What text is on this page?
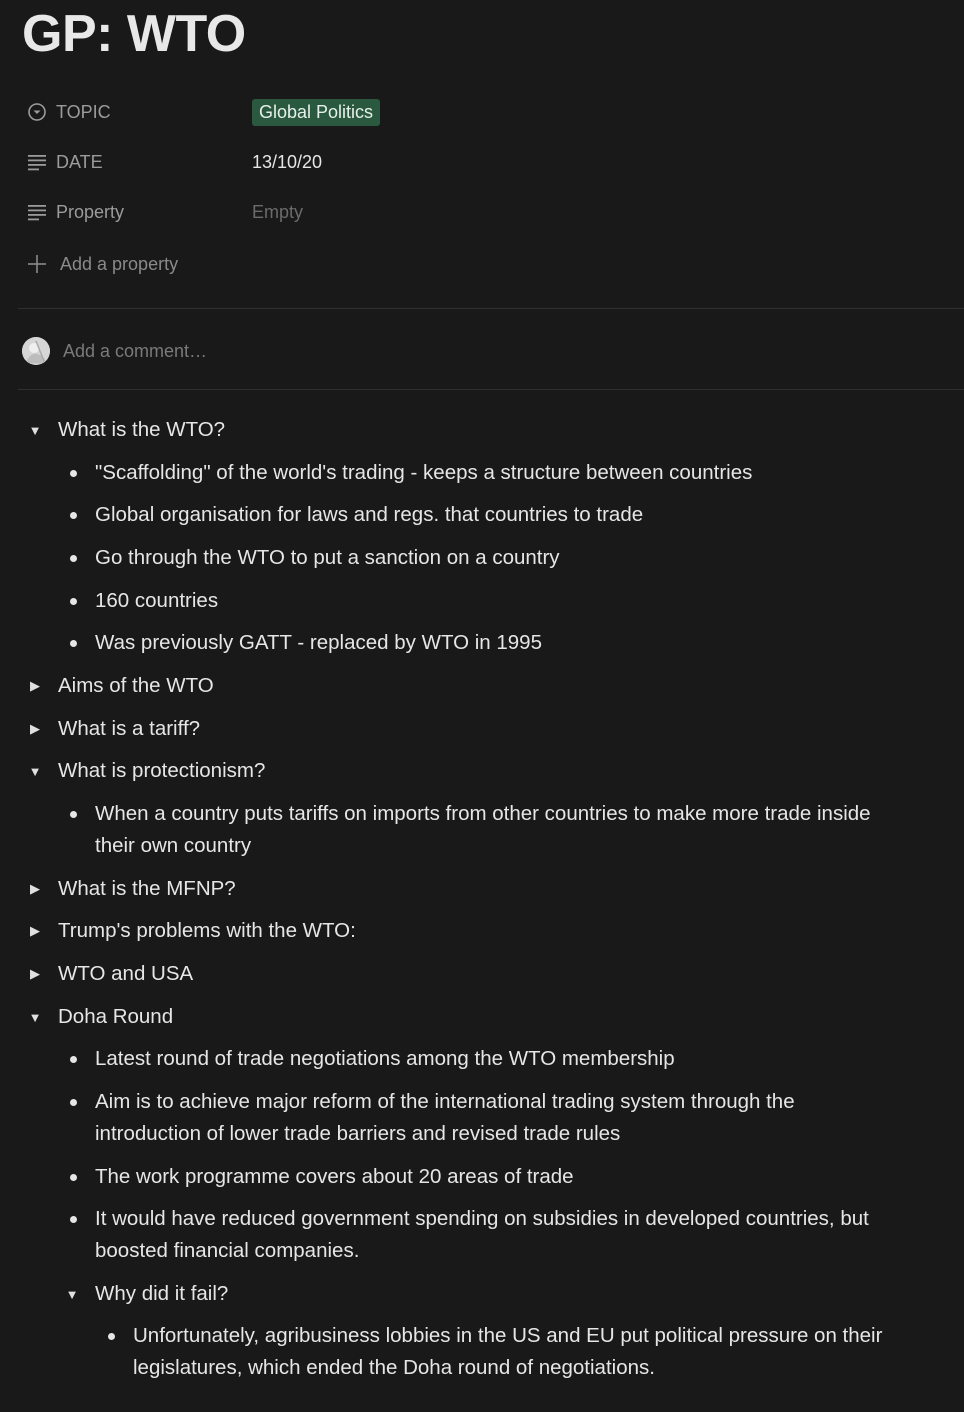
GP: WTO
TOPIC	Global Politics
DATE	13/10/20
Property	Empty
Add a property
Add a comment…
▼ What is the WTO?
"Scaffolding" of the world's trading - keeps a structure between countries
Global organisation for laws and regs. that countries to trade
Go through the WTO to put a sanction on a country
160 countries
Was previously GATT - replaced by WTO in 1995
▶ Aims of the WTO
▶ What is a tariff?
▼ What is protectionism?
When a country puts tariffs on imports from other countries to make more trade inside
their own country
▶ What is the MFNP?
▶ Trump's problems with the WTO:
▶ WTO and USA
▼ Doha Round
Latest round of trade negotiations among the WTO membership
Aim is to achieve major reform of the international trading system through the
introduction of lower trade barriers and revised trade rules
The work programme covers about 20 areas of trade
It would have reduced government spending on subsidies in developed countries, but
boosted financial companies.
▼ Why did it fail?
Unfortunately, agribusiness lobbies in the US and EU put political pressure on their
legislatures, which ended the Doha round of negotiations.
